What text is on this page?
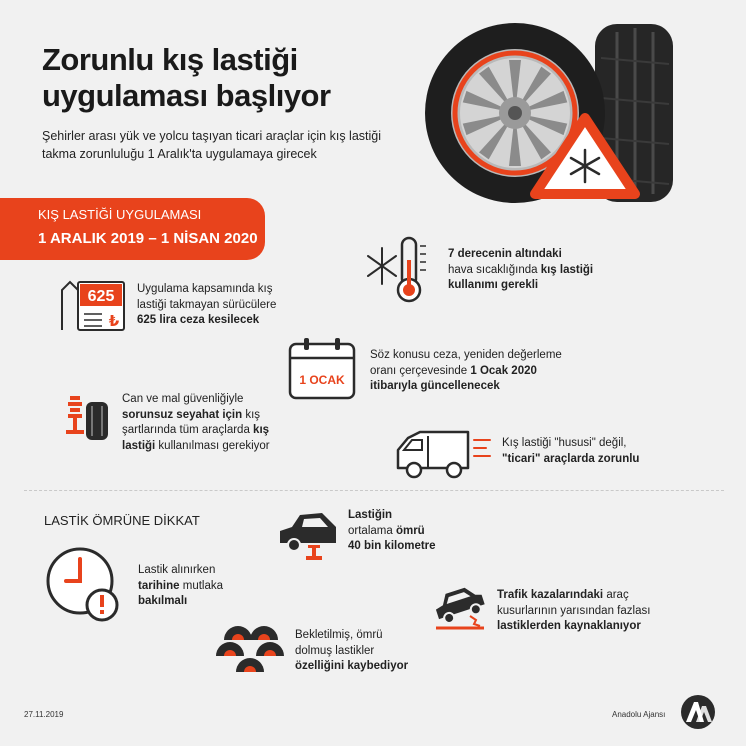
Zorunlu kış lastiği
uygulaması başlıyor
Şehirler arası yük ve yolcu taşıyan ticari araçlar için kış lastiği
takma zorunluluğu 1 Aralık'ta uygulamaya girecek
KIŞ LASTİĞİ UYGULAMASI
1 ARALIK 2019 – 1 NİSAN 2020
7 derecenin altındaki
hava sıcaklığında kış lastiği
kullanımı gerekli
625
₺
Uygulama kapsamında kış
lastiği takmayan sürücülere
625 lira ceza kesilecek
1 OCAK
Söz konusu ceza, yeniden değerleme
oranı çerçevesinde 1 Ocak 2020
itibarıyla güncellenecek
Can ve mal güvenliğiyle
sorunsuz seyahat için kış
şartlarında tüm araçlarda kış
lastiği kullanılması gerekiyor	Kış lastiği "hususi" değil,
"ticari" araçlarda zorunlu
LASTİK ÖMRÜNE DİKKAT	Lastiğin
ortalama ömrü
40 bin kilometre
Lastik alınırken
tarihine mutlaka
bakılmalı	Trafik kazalarındaki araç
kusurlarının yarısından fazlası
lastiklerden kaynaklanıyor
Bekletilmiş, ömrü
dolmuş lastikler
özelliğini kaybediyor
27.11.2019	Anadolu Ajansı
